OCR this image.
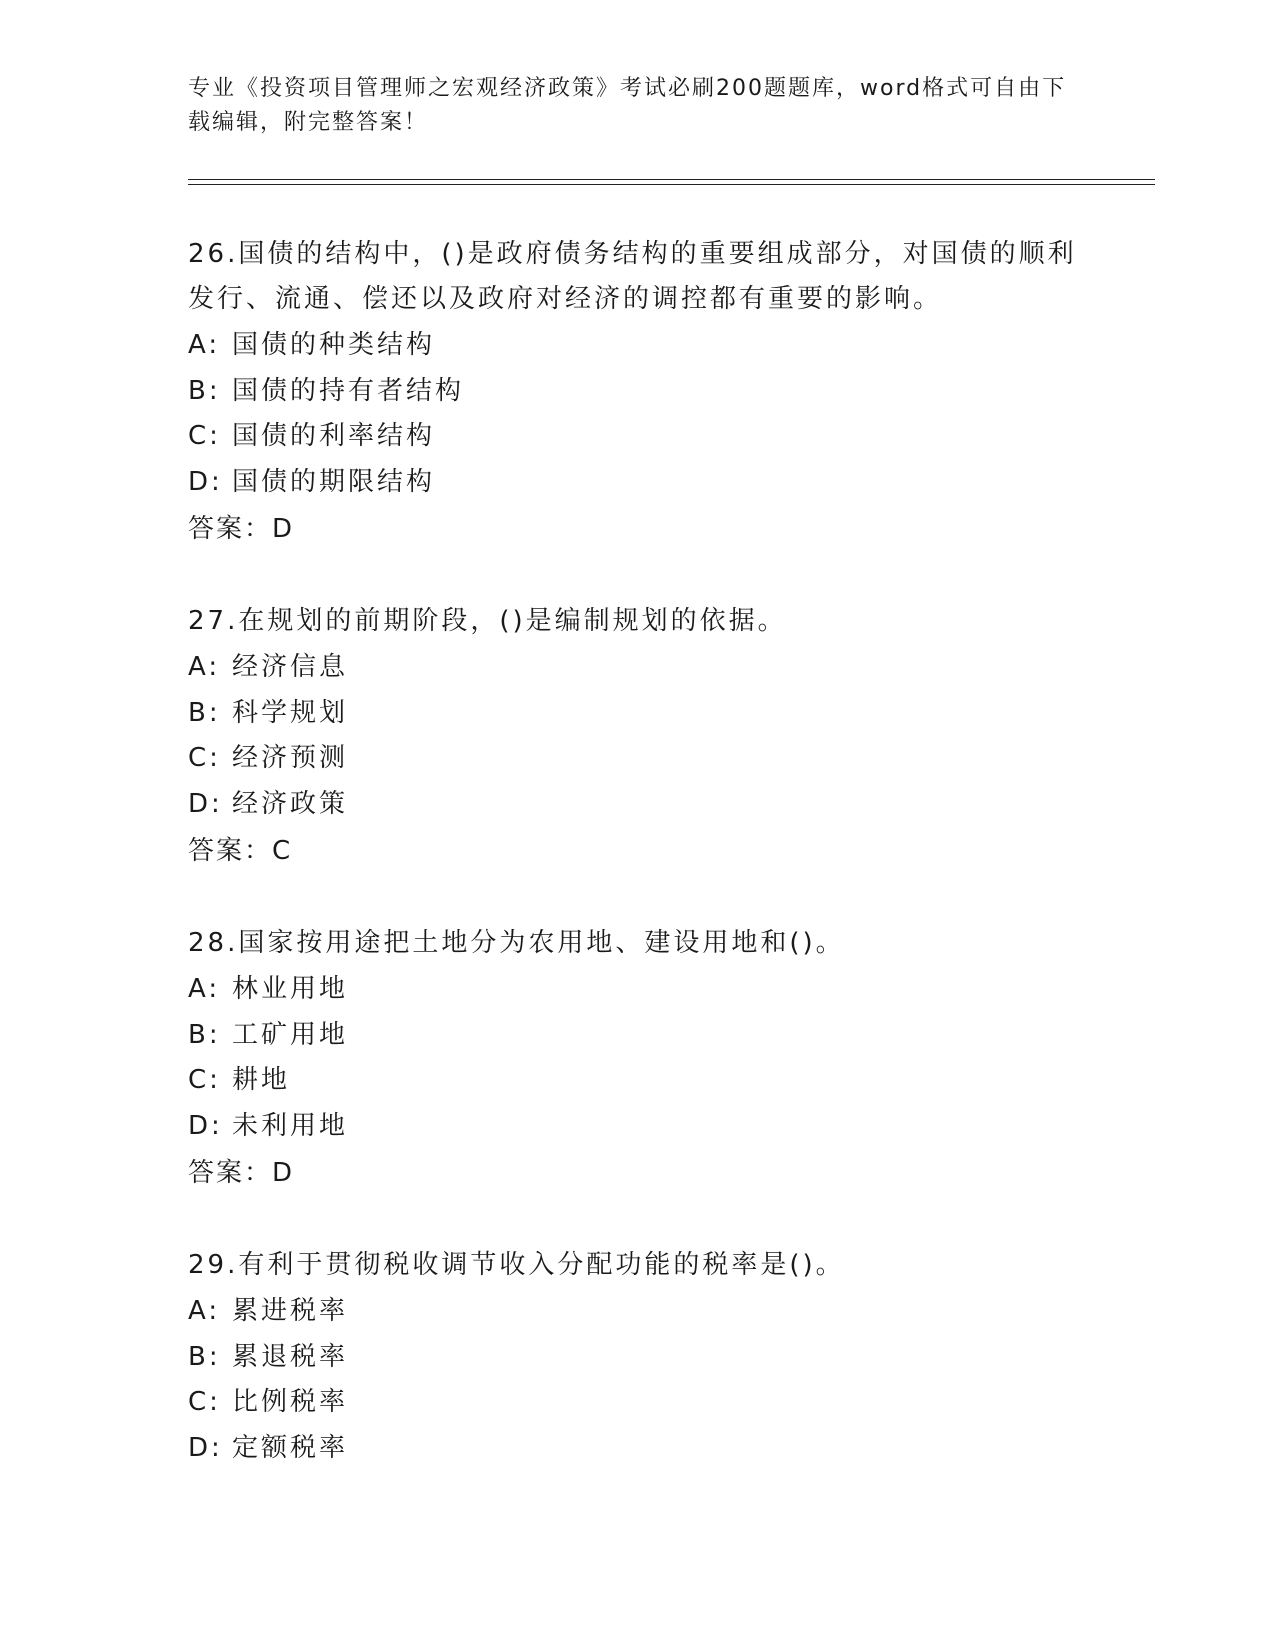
专业《投资项目管理师之宏观经济政策》考试必刷200题题库，word格式可自由下载编辑，附完整答案！
26.国债的结构中，()是政府债务结构的重要组成部分，对国债的顺利发行、流通、偿还以及政府对经济的调控都有重要的影响。
A: 国债的种类结构
B: 国债的持有者结构
C: 国债的利率结构
D: 国债的期限结构
答案：D
27.在规划的前期阶段，()是编制规划的依据。
A: 经济信息
B: 科学规划
C: 经济预测
D: 经济政策
答案：C
28.国家按用途把土地分为农用地、建设用地和()。
A: 林业用地
B: 工矿用地
C: 耕地
D: 未利用地
答案：D
29.有利于贯彻税收调节收入分配功能的税率是()。
A: 累进税率
B: 累退税率
C: 比例税率
D: 定额税率
